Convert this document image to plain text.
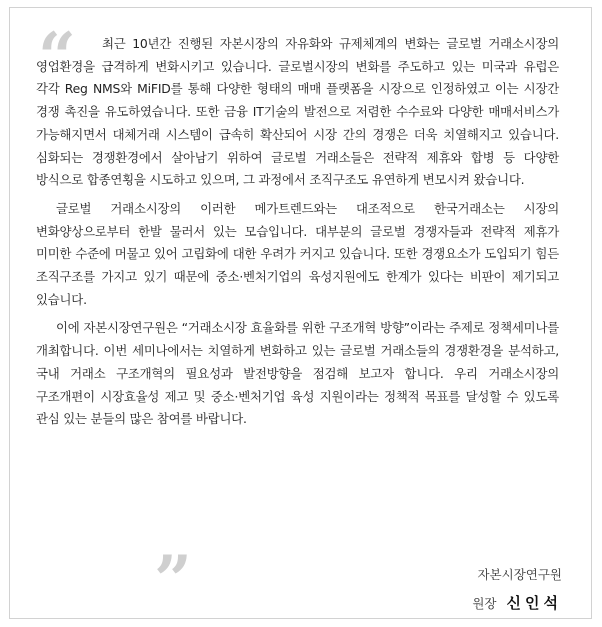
“	최근 10년간 진행된 자본시장의 자유화와 규제체계의 변화는 글로벌 거래소시장의 영업환경을 급격하게 변화시키고 있습니다. 글로벌시장의 변화를 주도하고 있는 미국과 유럽은 각각 Reg NMS와 MiFID를 통해 다양한 형태의 매매 플랫폼을 시장으로 인정하였고 이는 시장간 경쟁 촉진을 유도하였습니다. 또한 금융 IT기술의 발전으로 저렴한 수수료와 다양한 매매서비스가 가능해지면서 대체거래 시스템이 급속히 확산되어 시장 간의 경쟁은 더욱 치열해지고 있습니다. 심화되는 경쟁환경에서 살아남기 위하여 글로벌 거래소들은 전략적 제휴와 합병 등 다양한 방식으로 합종연횡을 시도하고 있으며, 그 과정에서 조직구조도 유연하게 변모시켜 왔습니다.

글로벌 거래소시장의 이러한 메가트렌드와는 대조적으로 한국거래소는 시장의 변화양상으로부터 한발 물러서 있는 모습입니다. 대부분의 글로벌 경쟁자들과 전략적 제휴가 미미한 수준에 머물고 있어 고립화에 대한 우려가 커지고 있습니다. 또한 경쟁요소가 도입되기 힘든 조직구조를 가지고 있기 때문에 중소·벤처기업의 육성지원에도 한계가 있다는 비판이 제기되고 있습니다.

이에 자본시장연구원은 “거래소시장 효율화를 위한 구조개혁 방향”이라는 주제로 정책세미나를 개최합니다. 이번 세미나에서는 치열하게 변화하고 있는 글로벌 거래소들의 경쟁환경을 분석하고, 국내 거래소 구조개혁의 필요성과 발전방향을 점검해 보고자 합니다. 우리 거래소시장의 구조개편이 시장효율성 제고 및 중소·벤처기업 육성 지원이라는 정책적 목표를 달성할 수 있도록 관심 있는 분들의 많은 참여를 바랍니다.

”	자본시장연구원
원장 신인석
